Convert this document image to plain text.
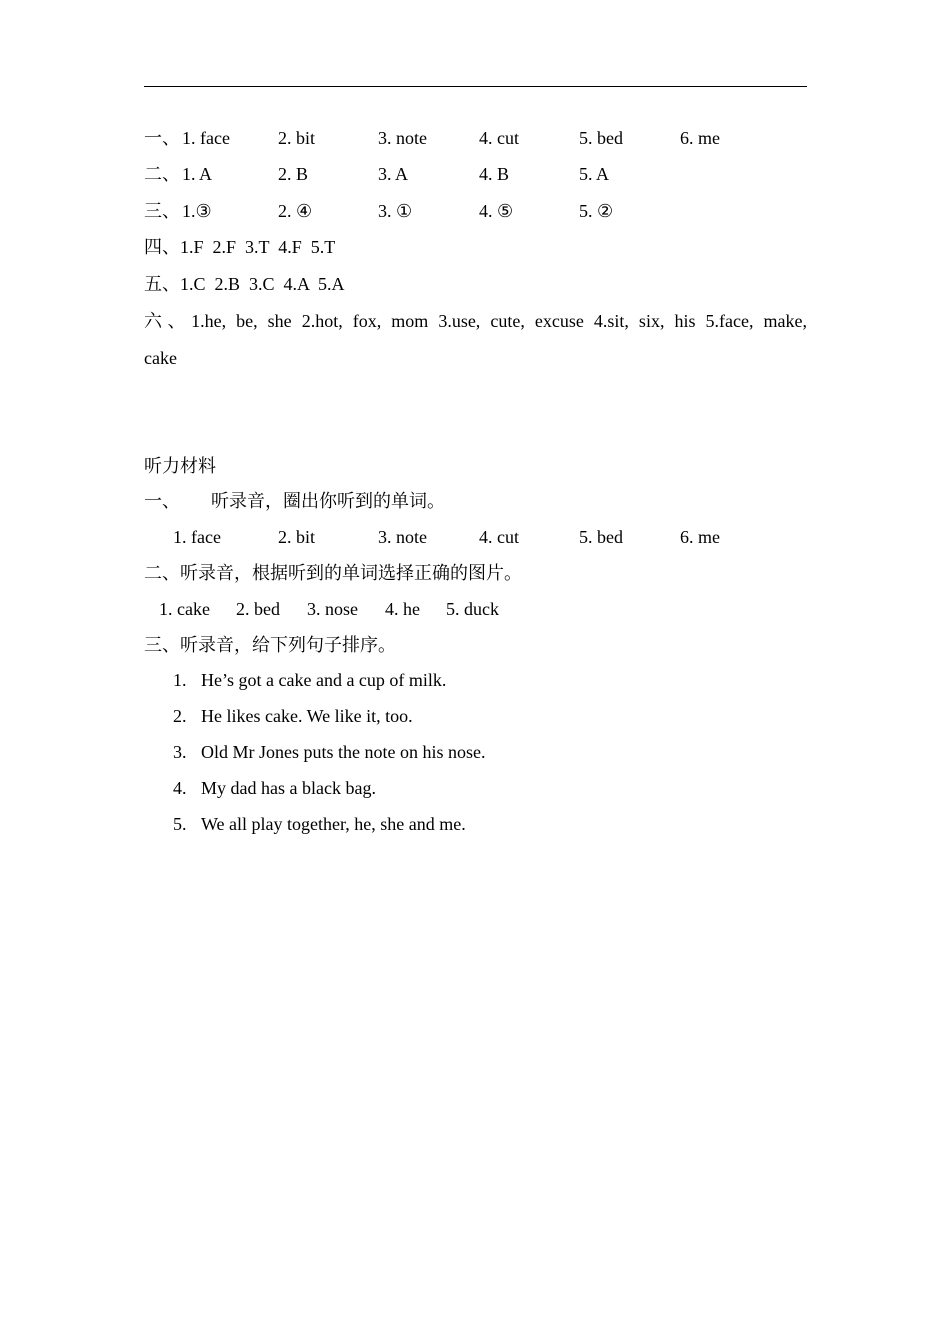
一、 1. face	2. bit	3. note	4. cut	5. bed	6. me
二、 1. A	2. B	3. A	4. B	5. A
三、 1.③	2. ④	3. ①	4. ⑤	5. ②
四、1.F  2.F  3.T  4.F  5.T
五、1.C  2.B  3.C  4.A  5.A
六、1.he, be, she 2.hot, fox, mom 3.use, cute, excuse 4.sit, six, his 5.face, make,
cake
听力材料
一、 听录音，圈出你听到的单词。
1. face	2. bit	3. note	4. cut	5. bed	6. me
二、听录音，根据听到的单词选择正确的图片。
1. cake 2. bed 3. nose 4. he 5. duck
三、听录音，给下列句子排序。
1. He’s got a cake and a cup of milk.
2. He likes cake. We like it, too.
3. Old Mr Jones puts the note on his nose.
4. My dad has a black bag.
5. We all play together, he, she and me.
